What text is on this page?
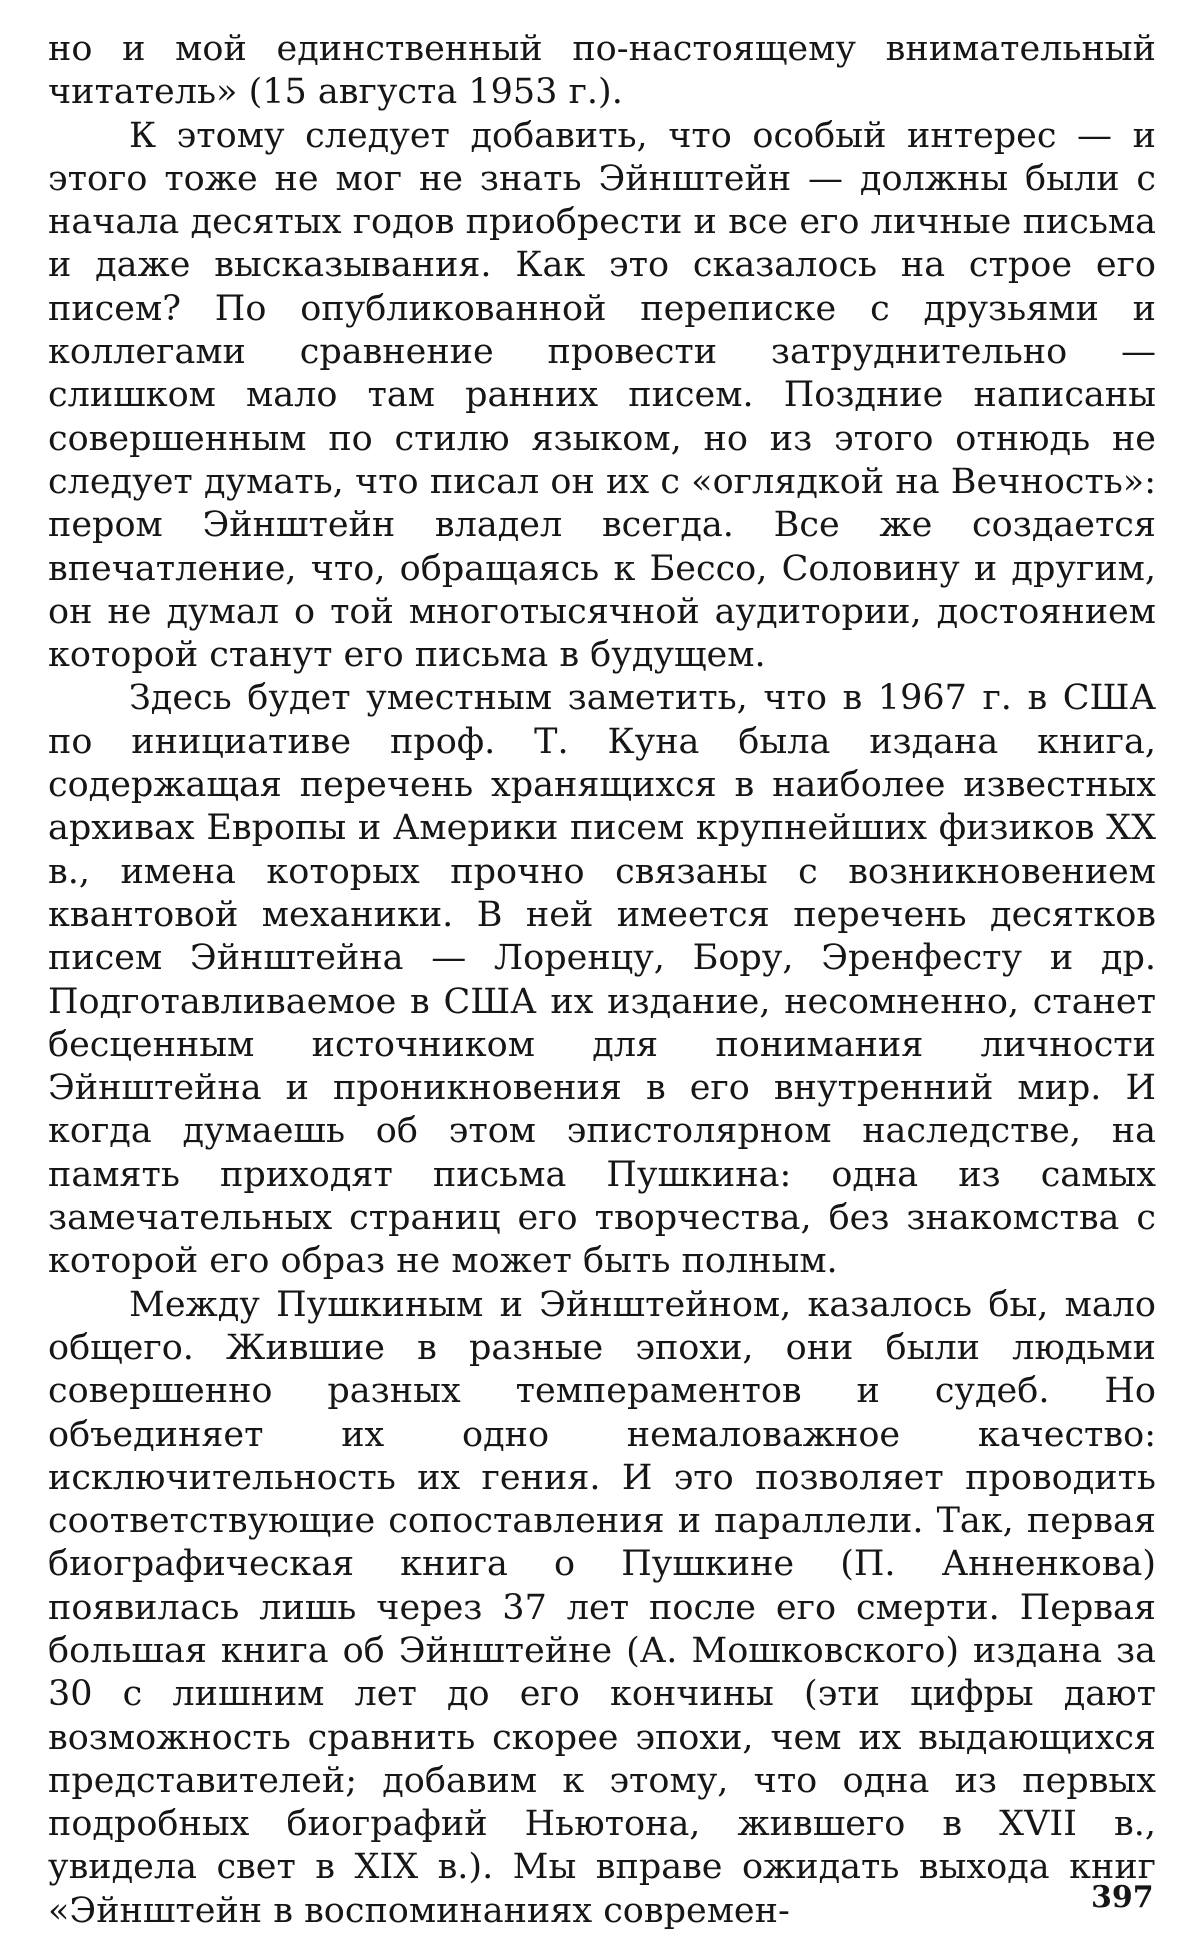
но и мой единственный по-настоящему внимательный читатель» (15 августа 1953 г.).

К этому следует добавить, что особый интерес — и этого тоже не мог не знать Эйнштейн — должны были с начала десятых годов приобрести и все его личные письма и даже высказывания. Как это сказалось на строе его писем? По опубликованной переписке с друзьями и коллегами сравнение провести затруднительно — слишком мало там ранних писем. Поздние написаны совершенным по стилю языком, но из этого отнюдь не следует думать, что писал он их с «оглядкой на Вечность»: пером Эйнштейн владел всегда. Все же создается впечатление, что, обращаясь к Бессо, Соловину и другим, он не думал о той многотысячной аудитории, достоянием которой станут его письма в будущем.

Здесь будет уместным заметить, что в 1967 г. в США по инициативе проф. Т. Куна была издана книга, содержащая перечень хранящихся в наиболее известных архивах Европы и Америки писем крупнейших физиков XX в., имена которых прочно связаны с возникновением квантовой механики. В ней имеется перечень десятков писем Эйнштейна — Лоренцу, Бору, Эренфесту и др. Подготавливаемое в США их издание, несомненно, станет бесценным источником для понимания личности Эйнштейна и проникновения в его внутренний мир. И когда думаешь об этом эпистолярном наследстве, на память приходят письма Пушкина: одна из самых замечательных страниц его творчества, без знакомства с которой его образ не может быть полным.

Между Пушкиным и Эйнштейном, казалось бы, мало общего. Жившие в разные эпохи, они были людьми совершенно разных темпераментов и судеб. Но объединяет их одно немаловажное качество: исключительность их гения. И это позволяет проводить соответствующие сопоставления и параллели. Так, первая биографическая книга о Пушкине (П. Анненкова) появилась лишь через 37 лет после его смерти. Первая большая книга об Эйнштейне (А. Мошковского) издана за 30 с лишним лет до его кончины (эти цифры дают возможность сравнить скорее эпохи, чем их выдающихся представителей; добавим к этому, что одна из первых подробных биографий Ньютона, жившего в XVII в., увидела свет в XIX в.). Мы вправе ожидать выхода книг «Эйнштейн в воспоминаниях современ-	397
